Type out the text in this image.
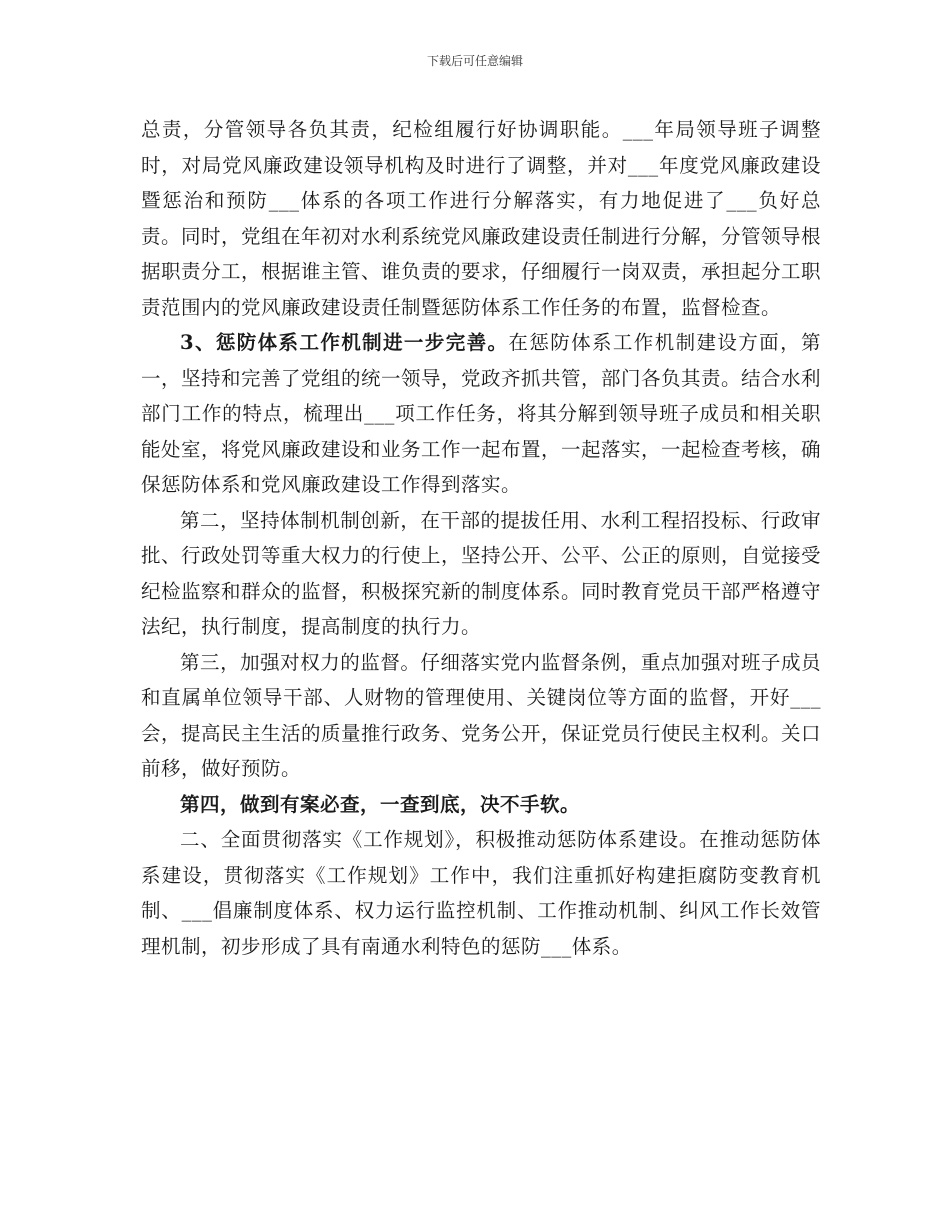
下载后可任意编辑

总责，分管领导各负其责，纪检组履行好协调职能。___年局领导班子调整时，对局党风廉政建设领导机构及时进行了调整，并对___年度党风廉政建设暨惩治和预防___体系的各项工作进行分解落实，有力地促进了___负好总责。同时，党组在年初对水利系统党风廉政建设责任制进行分解，分管领导根据职责分工，根据谁主管、谁负责的要求，仔细履行一岗双责，承担起分工职责范围内的党风廉政建设责任制暨惩防体系工作任务的布置，监督检查。

3、惩防体系工作机制进一步完善。在惩防体系工作机制建设方面，第一，坚持和完善了党组的统一领导，党政齐抓共管，部门各负其责。结合水利部门工作的特点，梳理出___项工作任务，将其分解到领导班子成员和相关职能处室，将党风廉政建设和业务工作一起布置，一起落实，一起检查考核，确保惩防体系和党风廉政建设工作得到落实。

第二，坚持体制机制创新，在干部的提拔任用、水利工程招投标、行政审批、行政处罚等重大权力的行使上，坚持公开、公平、公正的原则，自觉接受纪检监察和群众的监督，积极探究新的制度体系。同时教育党员干部严格遵守法纪，执行制度，提高制度的执行力。

第三，加强对权力的监督。仔细落实党内监督条例，重点加强对班子成员和直属单位领导干部、人财物的管理使用、关键岗位等方面的监督，开好___会，提高民主生活的质量推行政务、党务公开，保证党员行使民主权利。关口前移，做好预防。

第四，做到有案必查，一查到底，决不手软。

二、全面贯彻落实《工作规划》，积极推动惩防体系建设。在推动惩防体系建设，贯彻落实《工作规划》工作中，我们注重抓好构建拒腐防变教育机制、___倡廉制度体系、权力运行监控机制、工作推动机制、纠风工作长效管理机制，初步形成了具有南通水利特色的惩防___体系。
